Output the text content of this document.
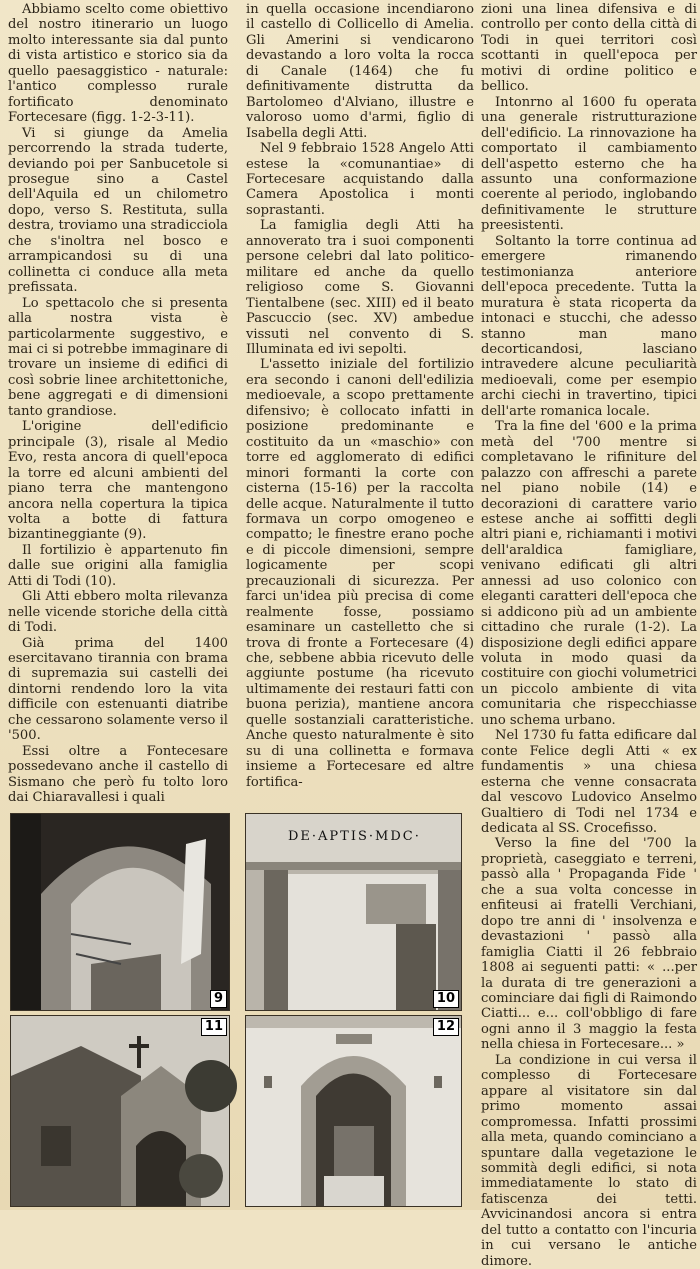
Abbiamo scelto come obiettivo del nostro itinerario un luogo molto interessante sia dal punto di vista artistico e storico sia da quello paesaggistico - naturale: l'antico complesso rurale fortificato denominato Fortecesare (figg. 1-2-3-11).

Vi si giunge da Amelia percorrendo la strada tuderte, deviando poi per Sanbucetole si prosegue sino a Castel dell'Aquila ed un chilometro dopo, verso S. Restituta, sulla destra, troviamo una stradicciola che s'inoltra nel bosco e arrampicandosi su di una collinetta ci conduce alla meta prefissata.

Lo spettacolo che si presenta alla nostra vista è particolarmente suggestivo, e mai ci si potrebbe immaginare di trovare un insieme di edifici di così sobrie linee architettoniche, bene aggregati e di dimensioni tanto grandiose.

L'origine dell'edificio principale (3), risale al Medio Evo, resta ancora di quell'epoca la torre ed alcuni ambienti del piano terra che mantengono ancora nella copertura la tipica volta a botte di fattura bizantineggiante (9).

Il fortilizio è appartenuto fin dalle sue origini alla famiglia Atti di Todi (10).

Gli Atti ebbero molta rilevanza nelle vicende storiche della città di Todi.

Già prima del 1400 esercitavano tirannia con brama di supremazia sui castelli dei dintorni rendendo loro la vita difficile con estenuanti diatribe che cessarono solamente verso il '500.

Essi oltre a Fontecesare possedevano anche il castello di Sismano che però fu tolto loro dai Chiaravallesi i quali

in quella occasione incendiarono il castello di Collicello di Amelia. Gli Amerini si vendicarono devastando a loro volta la rocca di Canale (1464) che fu definitivamente distrutta da Bartolomeo d'Alviano, illustre e valoroso uomo d'armi, figlio di Isabella degli Atti.

Nel 9 febbraio 1528 Angelo Atti estese la «comunantiae» di Fortecesare acquistando dalla Camera Apostolica i monti soprastanti.

La famiglia degli Atti ha annoverato tra i suoi componenti persone celebri dal lato politico-militare ed anche da quello religioso come S. Giovanni Tientalbene (sec. XIII) ed il beato Pascuccio (sec. XV) ambedue vissuti nel convento di S. Illuminata ed ivi sepolti.

L'assetto iniziale del fortilizio era secondo i canoni dell'edilizia medioevale, a scopo prettamente difensivo; è collocato infatti in posizione predominante e costituito da un «maschio» con torre ed agglomerato di edifici minori formanti la corte con cisterna (15-16) per la raccolta delle acque. Naturalmente il tutto formava un corpo omogeneo e compatto; le finestre erano poche e di piccole dimensioni, sempre logicamente per scopi precauzionali di sicurezza. Per farci un'idea più precisa di come realmente fosse, possiamo esaminare un castelletto che si trova di fronte a Fortecesare (4) che, sebbene abbia ricevuto delle aggiunte postume (ha ricevuto ultimamente dei restauri fatti con buona perizia), mantiene ancora quelle sostanziali caratteristiche. Anche questo naturalmente è sito su di una collinetta e formava insieme a Fortecesare ed altre fortifica-

zioni una linea difensiva e di controllo per conto della città di Todi in quei territori così scottanti in quell'epoca per motivi di ordine politico e bellico.

Intonrno al 1600 fu operata una generale ristrutturazione dell'edificio. La rinnovazione ha comportato il cambiamento dell'aspetto esterno che ha assunto una conformazione coerente al periodo, inglobando definitivamente le strutture preesistenti.

Soltanto la torre continua ad emergere rimanendo testimonianza anteriore dell'epoca precedente. Tutta la muratura è stata ricoperta da intonaci e stucchi, che adesso stanno man mano decorticandosi, lasciano intravedere alcune peculiarità medioevali, come per esempio archi ciechi in travertino, tipici dell'arte romanica locale.

Tra la fine del '600 e la prima metà del '700 mentre si completavano le rifiniture del palazzo con affreschi a parete nel piano nobile (14) e decorazioni di carattere vario estese anche ai soffitti degli altri piani e, richiamanti i motivi dell'araldica famigliare, venivano edificati gli altri annessi ad uso colonico con eleganti caratteri dell'epoca che si addicono più ad un ambiente cittadino che rurale (1-2). La disposizione degli edifici appare voluta in modo quasi da costituire con giochi volumetrici un piccolo ambiente di vita comunitaria che rispecchiasse uno schema urbano.

Nel 1730 fu fatta edificare dal conte Felice degli Atti « ex fundamentis » una chiesa esterna che venne consacrata dal vescovo Ludovico Anselmo Gualtiero di Todi nel 1734 e dedicata al SS. Crocefisso.

Verso la fine del '700 la proprietà, caseggiato e terreni, passò alla ' Propaganda Fide ' che a sua volta concesse in enfiteusi ai fratelli Verchiani, dopo tre anni di ' insolvenza e devastazioni ' passò alla famiglia Ciatti il 26 febbraio 1808 ai seguenti patti: « ...per la durata di tre generazioni a cominciare dai figli di Raimondo Ciatti... e... coll'obbligo di fare ogni anno il 3 maggio la festa nella chiesa in Fortecesare... »

La condizione in cui versa il complesso di Fortecesare appare al visitatore sin dal primo momento assai compromessa. Infatti prossimi alla meta, quando cominciano a spuntare dalla vegetazione le sommità degli edifici, si nota immediatamente lo stato di fatiscenza dei tetti. Avvicinandosi ancora si entra del tutto a contatto con l'incuria in cui versano le antiche dimore.

9
DE·APTIS·MDC·
10
11	12
